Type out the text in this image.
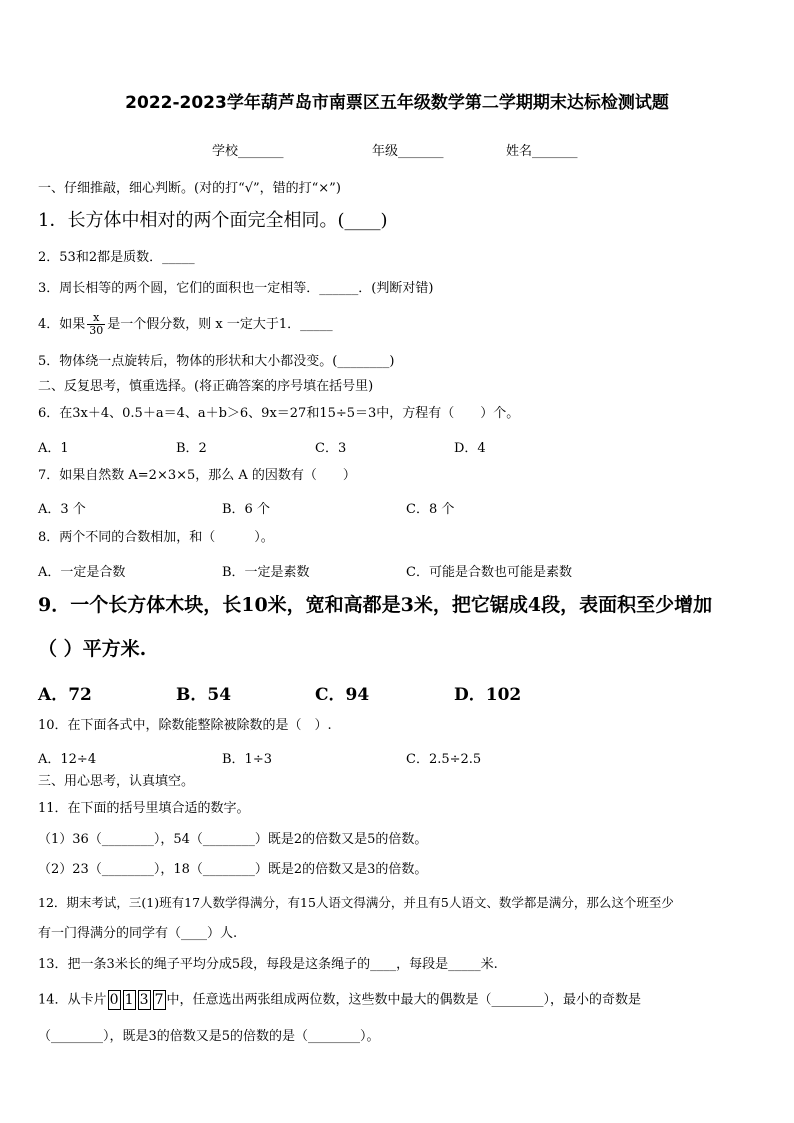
2022-2023学年葫芦岛市南票区五年级数学第二学期期末达标检测试题
学校_______	年级_______	姓名_______
一、仔细推敲，细心判断。(对的打“√”，错的打“×”)
1．长方体中相对的两个面完全相同。(____)
2．53和2都是质数．_____
3．周长相等的两个圆，它们的面积也一定相等．______．(判断对错)
4．如果 $\frac{x}{30}$ 是一个假分数，则 x 一定大于1．_____
5．物体绕一点旋转后，物体的形状和大小都没变。(________)
二、反复思考，慎重选择。(将正确答案的序号填在括号里)
6．在3x＋4、0.5＋a＝4、a＋b＞6、9x＝27和15÷5＝3中，方程有（　　）个。
A．1	B．2	C．3	D．4
7．如果自然数 A=2×3×5，那么 A 的因数有（　　）
A．3 个	B．6 个	C．8 个
8．两个不同的合数相加，和（　　　）。
A．一定是合数	B．一定是素数	C．可能是合数也可能是素数
9．一个长方体木块，长10米，宽和高都是3米，把它锯成4段，表面积至少增加
（ ）平方米.
A．72	B．54	C．94	D．102
10．在下面各式中，除数能整除被除数的是（　）.
A．12÷4	B．1÷3	C．2.5÷2.5
三、用心思考，认真填空。
11．在下面的括号里填合适的数字。
（1）36（________），54（________）既是2的倍数又是5的倍数。
（2）23（________），18（________）既是2的倍数又是3的倍数。
12．期末考试，三(1)班有17人数学得满分，有15人语文得满分，并且有5人语文、数学都是满分，那么这个班至少
有一门得满分的同学有（____）人.
13．把一条3米长的绳子平均分成5段，每段是这条绳子的____，每段是_____米.
14．从卡片 0 1 3 7 中，任意选出两张组成两位数，这些数中最大的偶数是（________），最小的奇数是
（________），既是3的倍数又是5的倍数的是（________）。
